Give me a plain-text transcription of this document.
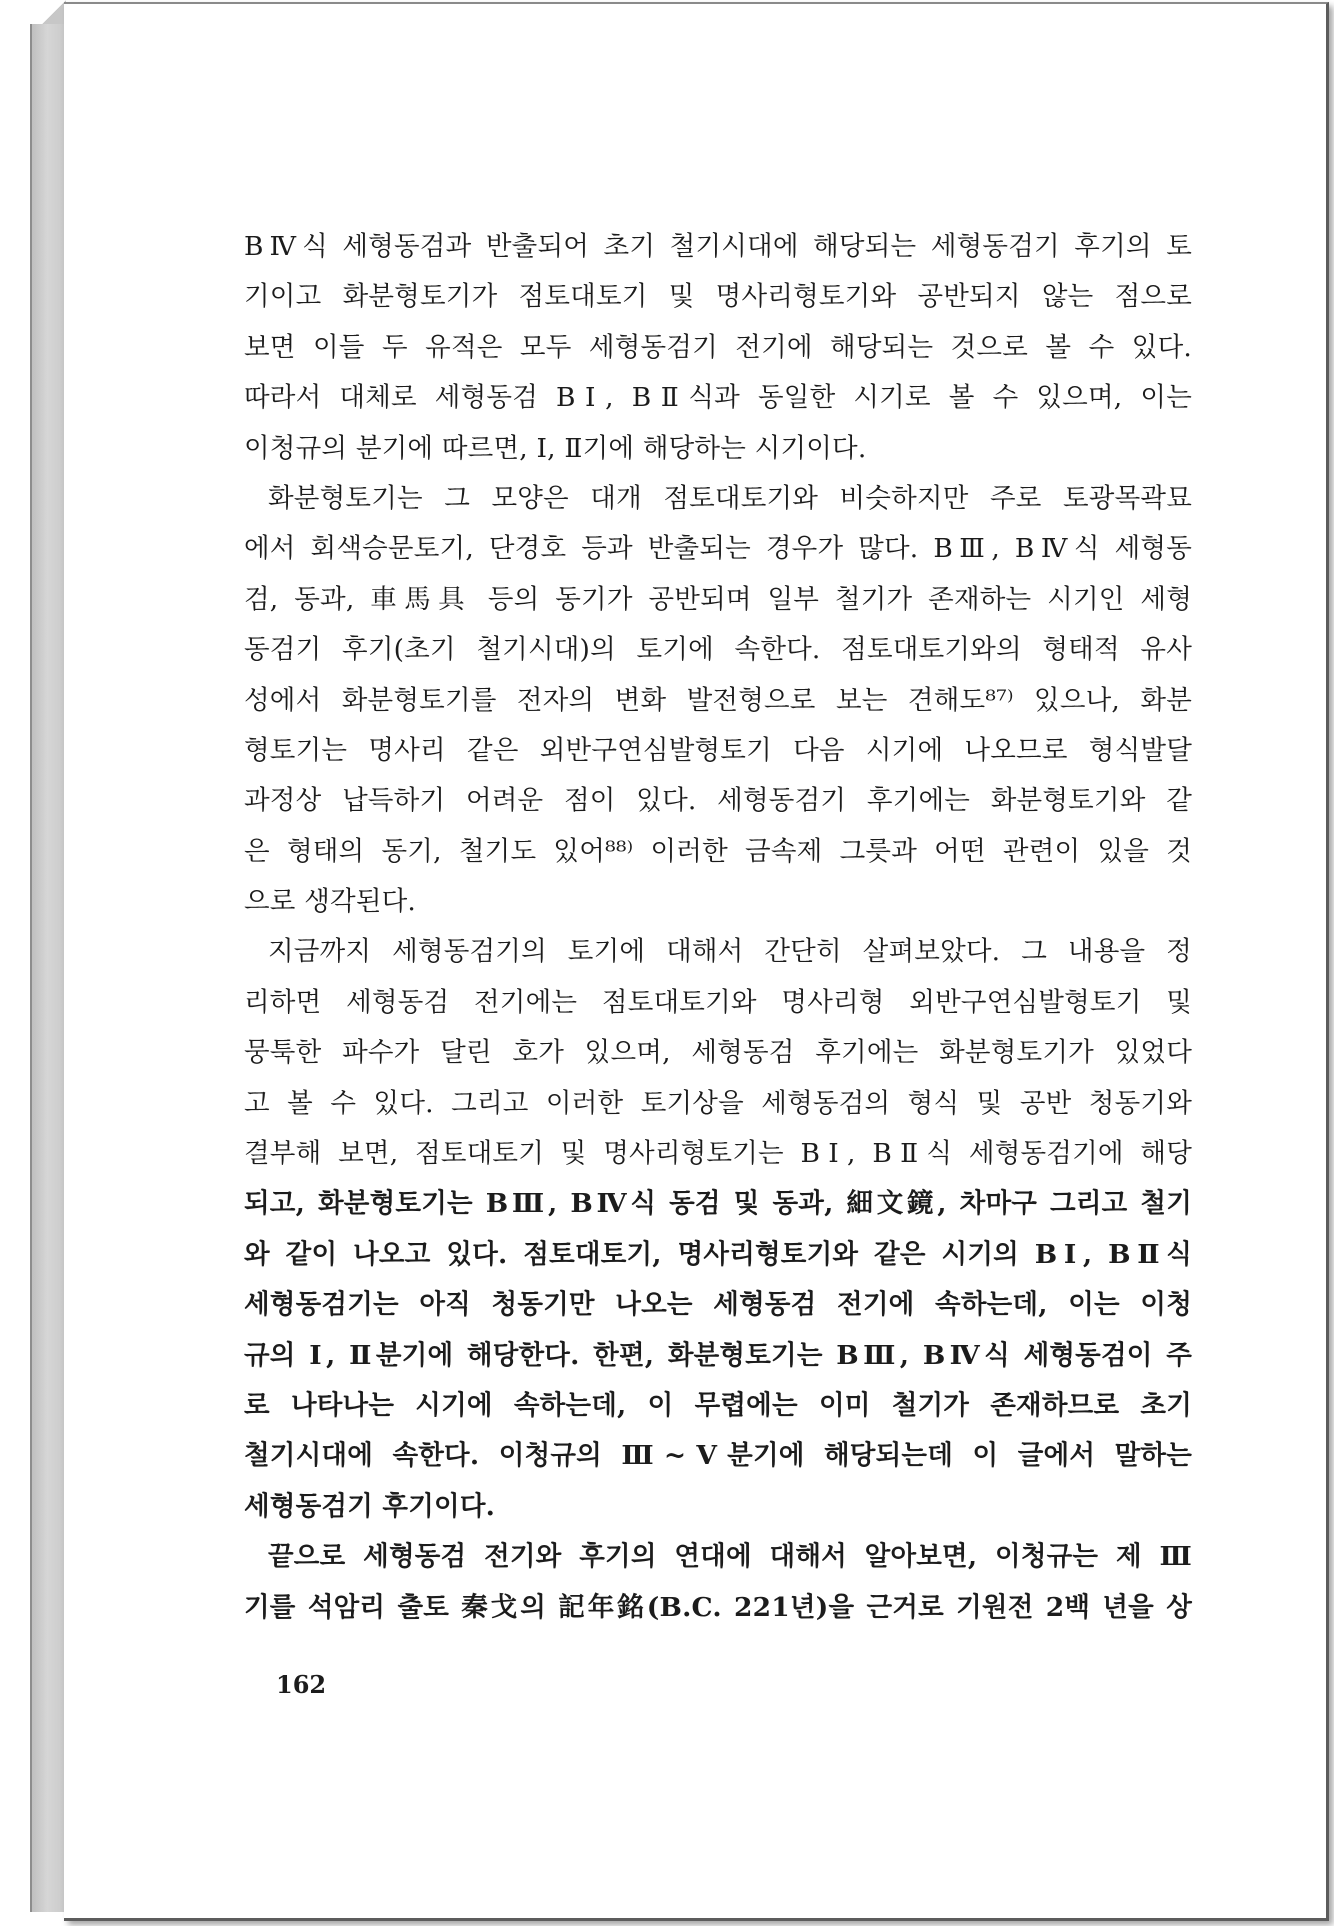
BⅣ식 세형동검과 반출되어 초기 철기시대에 해당되는 세형동검기 후기의 토
기이고 화분형토기가 점토대토기 및 명사리형토기와 공반되지 않는 점으로
보면 이들 두 유적은 모두 세형동검기 전기에 해당되는 것으로 볼 수 있다.
따라서 대체로 세형동검 BⅠ, BⅡ식과 동일한 시기로 볼 수 있으며, 이는
이청규의 분기에 따르면, Ⅰ, Ⅱ기에 해당하는 시기이다.
화분형토기는 그 모양은 대개 점토대토기와 비슷하지만 주로 토광목곽묘
에서 회색승문토기, 단경호 등과 반출되는 경우가 많다. BⅢ, BⅣ식 세형동
검, 동과, 車馬具 등의 동기가 공반되며 일부 철기가 존재하는 시기인 세형
동검기 후기(초기 철기시대)의 토기에 속한다. 점토대토기와의 형태적 유사
성에서 화분형토기를 전자의 변화 발전형으로 보는 견해도⁸⁷⁾ 있으나, 화분
형토기는 명사리 같은 외반구연심발형토기 다음 시기에 나오므로 형식발달
과정상 납득하기 어려운 점이 있다. 세형동검기 후기에는 화분형토기와 같
은 형태의 동기, 철기도 있어⁸⁸⁾ 이러한 금속제 그릇과 어떤 관련이 있을 것
으로 생각된다.
지금까지 세형동검기의 토기에 대해서 간단히 살펴보았다. 그 내용을 정
리하면 세형동검 전기에는 점토대토기와 명사리형 외반구연심발형토기 및
뭉툭한 파수가 달린 호가 있으며, 세형동검 후기에는 화분형토기가 있었다
고 볼 수 있다. 그리고 이러한 토기상을 세형동검의 형식 및 공반 청동기와
결부해 보면, 점토대토기 및 명사리형토기는 BⅠ, BⅡ식 세형동검기에 해당
되고, 화분형토기는 BⅢ, BⅣ식 동검 및 동과, 細文鏡, 차마구 그리고 철기
와 같이 나오고 있다. 점토대토기, 명사리형토기와 같은 시기의 BⅠ, BⅡ식
세형동검기는 아직 청동기만 나오는 세형동검 전기에 속하는데, 이는 이청
규의 Ⅰ, Ⅱ분기에 해당한다. 한편, 화분형토기는 BⅢ, BⅣ식 세형동검이 주
로 나타나는 시기에 속하는데, 이 무렵에는 이미 철기가 존재하므로 초기
철기시대에 속한다. 이청규의 Ⅲ~Ⅴ분기에 해당되는데 이 글에서 말하는
세형동검기 후기이다.
끝으로 세형동검 전기와 후기의 연대에 대해서 알아보면, 이청규는 제 Ⅲ
기를 석암리 출토 秦戈의 記年銘(B.C. 221년)을 근거로 기원전 2백 년을 상
162
